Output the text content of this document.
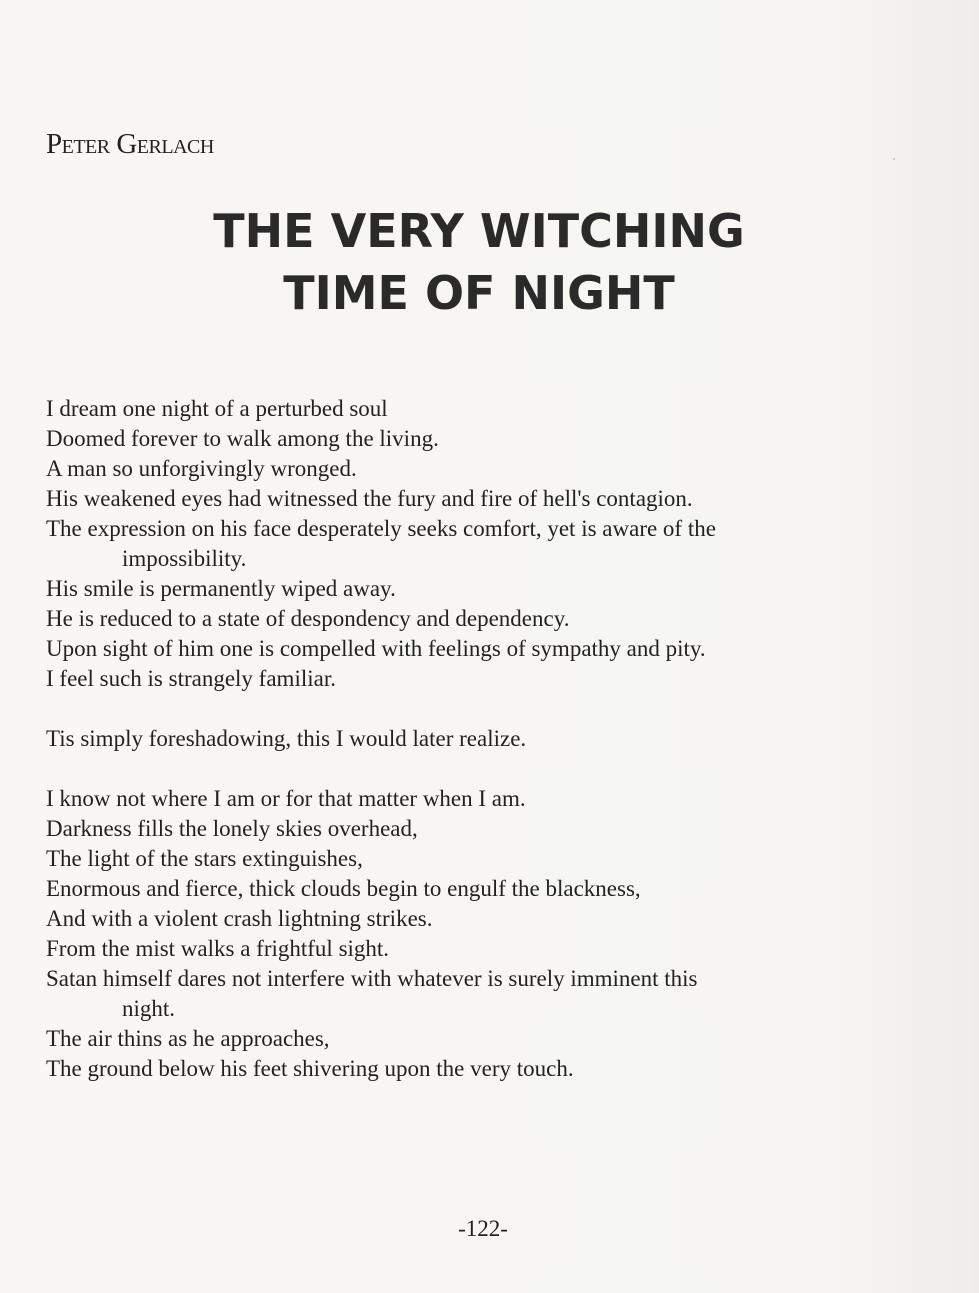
Peter Gerlach
THE VERY WITCHING
TIME OF NIGHT
I dream one night of a perturbed soul
Doomed forever to walk among the living.
A man so unforgivingly wronged.
His weakened eyes had witnessed the fury and fire of hell's contagion.
The expression on his face desperately seeks comfort, yet is aware of the
impossibility.
His smile is permanently wiped away.
He is reduced to a state of despondency and dependency.
Upon sight of him one is compelled with feelings of sympathy and pity.
I feel such is strangely familiar.
Tis simply foreshadowing, this I would later realize.
I know not where I am or for that matter when I am.
Darkness fills the lonely skies overhead,
The light of the stars extinguishes,
Enormous and fierce, thick clouds begin to engulf the blackness,
And with a violent crash lightning strikes.
From the mist walks a frightful sight.
Satan himself dares not interfere with whatever is surely imminent this
night.
The air thins as he approaches,
The ground below his feet shivering upon the very touch.
-122-
